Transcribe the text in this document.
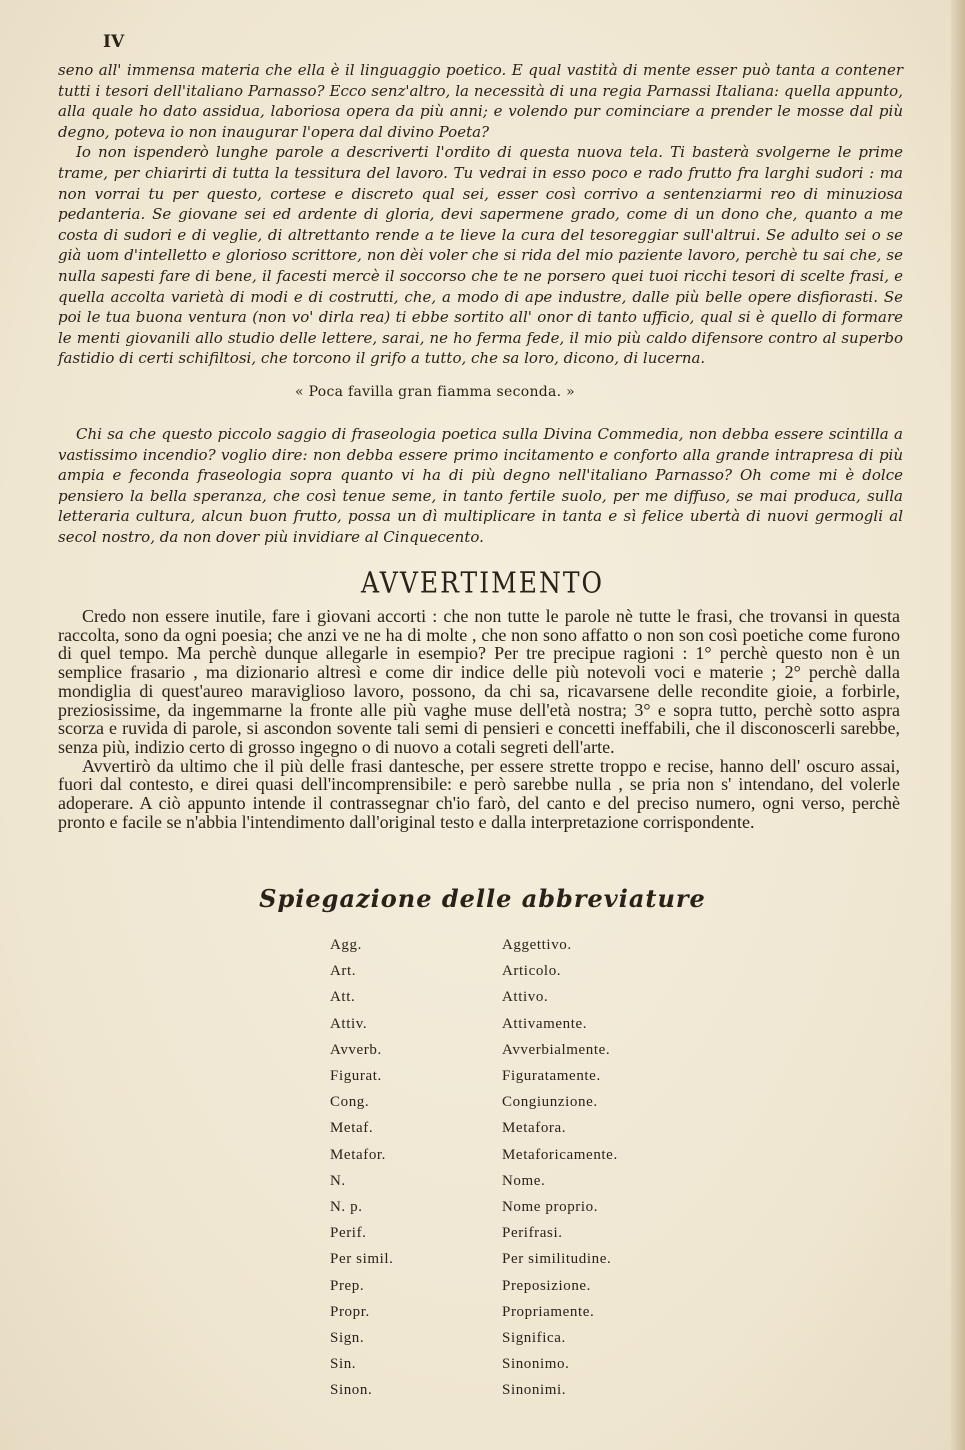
IV

seno all' immensa materia che ella è il linguaggio poetico. E qual vastità di mente esser può tanta a contener tutti i tesori dell'italiano Parnasso? Ecco senz'altro, la necessità di una regia Parnassi Italiana: quella appunto, alla quale ho dato assidua, laboriosa opera da più anni; e volendo pur cominciare a prender le mosse dal più degno, poteva io non inaugurar l'opera dal divino Poeta?

Io non ispenderò lunghe parole a descriverti l'ordito di questa nuova tela. Ti basterà svolgerne le prime trame, per chiarirti di tutta la tessitura del lavoro. Tu vedrai in esso poco e rado frutto fra larghi sudori : ma non vorrai tu per questo, cortese e discreto qual sei, esser così corrivo a sentenziarmi reo di minuziosa pedanteria. Se giovane sei ed ardente di gloria, devi sapermene grado, come di un dono che, quanto a me costa di sudori e di veglie, di altrettanto rende a te lieve la cura del tesoreggiar sull'altrui. Se adulto sei o se già uom d'intelletto e glorioso scrittore, non dèi voler che si rida del mio paziente lavoro, perchè tu sai che, se nulla sapesti fare di bene, il facesti mercè il soccorso che te ne porsero quei tuoi ricchi tesori di scelte frasi, e quella accolta varietà di modi e di costrutti, che, a modo di ape industre, dalle più belle opere disfiorasti. Se poi le tua buona ventura (non vo' dirla rea) ti ebbe sortito all' onor di tanto ufficio, qual si è quello di formare le menti giovanili allo studio delle lettere, sarai, ne ho ferma fede, il mio più caldo difensore contro al superbo fastidio di certi schifiltosi, che torcono il grifo a tutto, che sa loro, dicono, di lucerna.

« Poca favilla gran fiamma seconda. »

Chi sa che questo piccolo saggio di fraseologia poetica sulla Divina Commedia, non debba essere scintilla a vastissimo incendio? voglio dire: non debba essere primo incitamento e conforto alla grande intrapresa di più ampia e feconda fraseologia sopra quanto vi ha di più degno nell'italiano Parnasso? Oh come mi è dolce pensiero la bella speranza, che così tenue seme, in tanto fertile suolo, per me diffuso, se mai produca, sulla letteraria cultura, alcun buon frutto, possa un dì multiplicare in tanta e sì felice ubertà di nuovi germogli al secol nostro, da non dover più invidiare al Cinquecento.

AVVERTIMENTO

Credo non essere inutile, fare i giovani accorti : che non tutte le parole nè tutte le frasi, che trovansi in questa raccolta, sono da ogni poesia; che anzi ve ne ha di molte , che non sono affatto o non son così poetiche come furono di quel tempo. Ma perchè dunque allegarle in esempio? Per tre precipue ragioni : 1° perchè questo non è un semplice frasario , ma dizionario altresì e come dir indice delle più notevoli voci e materie ; 2° perchè dalla mondiglia di quest'aureo maraviglioso lavoro, possono, da chi sa, ricavarsene delle recondite gioie, a forbirle, preziosissime, da ingemmarne la fronte alle più vaghe muse dell'età nostra; 3° e sopra tutto, perchè sotto aspra scorza e ruvida di parole, si ascondon sovente tali semi di pensieri e concetti ineffabili, che il disconoscerli sarebbe, senza più, indizio certo di grosso ingegno o di nuovo a cotali segreti dell'arte.

Avvertirò da ultimo che il più delle frasi dantesche, per essere strette troppo e recise, hanno dell' oscuro assai, fuori dal contesto, e direi quasi dell'incomprensibile: e però sarebbe nulla , se pria non s' intendano, del volerle adoperare. A ciò appunto intende il contrassegnar ch'io farò, del canto e del preciso numero, ogni verso, perchè pronto e facile se n'abbia l'intendimento dall'original testo e dalla interpretazione corrispondente.

Spiegazione delle abbreviature
Agg.	Aggettivo.
Art.	Articolo.
Att.	Attivo.
Attiv.	Attivamente.
Avverb.	Avverbialmente.
Figurat.	Figuratamente.
Cong.	Congiunzione.
Metaf.	Metafora.
Metafor.	Metaforicamente.
N.	Nome.
N. p.	Nome proprio.
Perif.	Perifrasi.
Per simil.	Per similitudine.
Prep.	Preposizione.
Propr.	Propriamente.
Sign.	Significa.
Sin.	Sinonimo.
Sinon.	Sinonimi.
